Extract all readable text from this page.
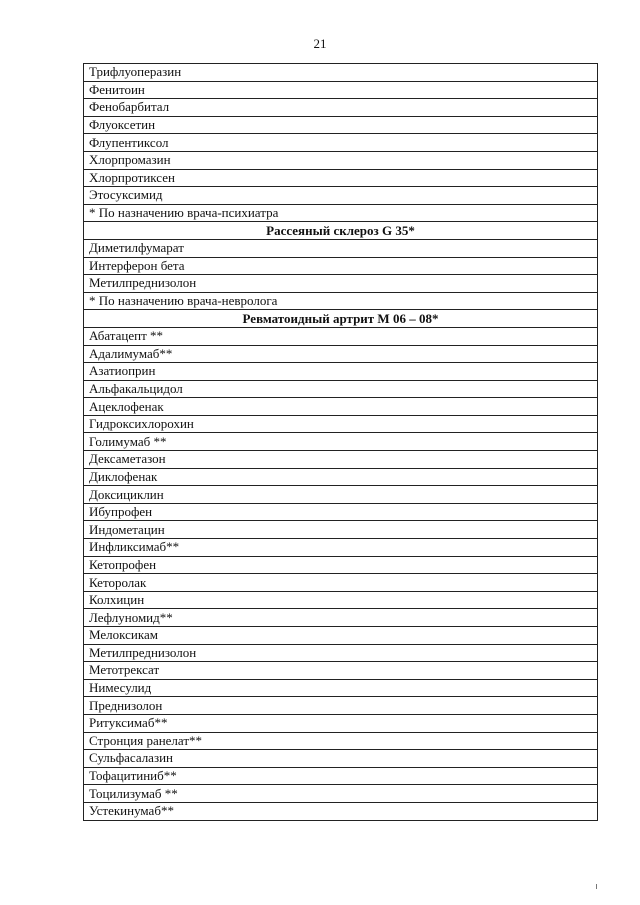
21
Трифлуоперазин
Фенитоин
Фенобарбитал
Флуоксетин
Флупентиксол
Хлорпромазин
Хлорпротиксен
Этосуксимид
* По назначению врача-психиатра
Рассеяный склероз G 35*
Диметилфумарат
Интерферон бета
Метилпреднизолон
* По назначению врача-невролога
Ревматоидный артрит М 06 – 08*
Абатацепт **
Адалимумаб**
Азатиоприн
Альфакальцидол
Ацеклофенак
Гидроксихлорохин
Голимумаб **
Дексаметазон
Диклофенак
Доксициклин
Ибупрофен
Индометацин
Инфликсимаб**
Кетопрофен
Кеторолак
Колхицин
Лефлуномид**
Мелоксикам
Метилпреднизолон
Метотрексат
Нимесулид
Преднизолон
Ритуксимаб**
Стронция ранелат**
Сульфасалазин
Тофацитиниб**
Тоцилизумаб **
Устекинумаб**
